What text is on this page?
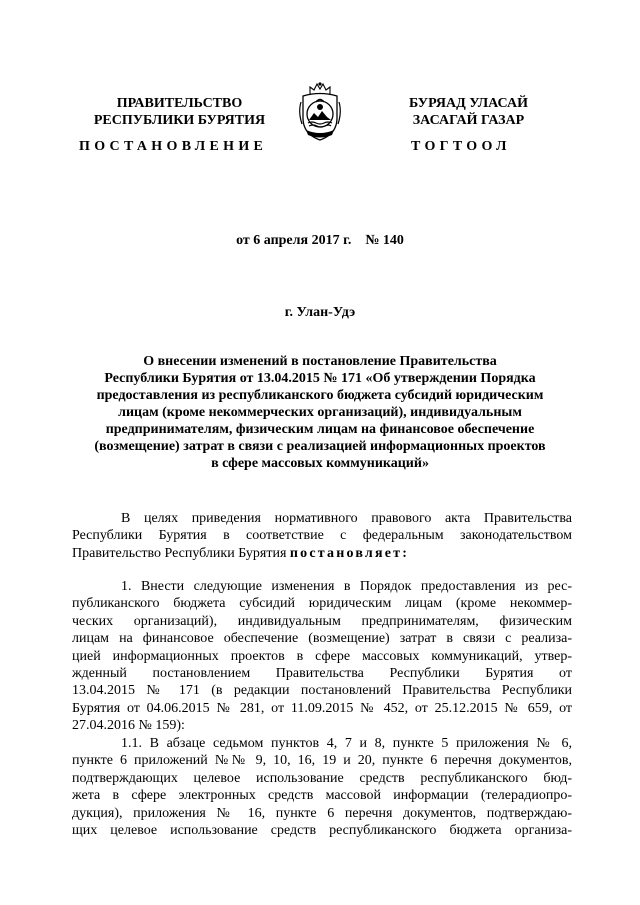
ПРАВИТЕЛЬСТВО
РЕСПУБЛИКИ БУРЯТИЯ
БУРЯАД УЛАСАЙ
ЗАСАГАЙ ГАЗАР
ПОСТАНОВЛЕНИЕ	ТОГТООЛ
от 6 апреля 2017 г.    № 140
г. Улан-Удэ
О внесении изменений в постановление Правительства
Республики Бурятия от 13.04.2015 № 171 «Об утверждении Порядка
предоставления из республиканского бюджета субсидий юридическим
лицам (кроме некоммерческих организаций), индивидуальным
предпринимателям, физическим лицам на финансовое обеспечение
(возмещение) затрат в связи с реализацией информационных проектов
в сфере массовых коммуникаций»
В целях приведения нормативного правового акта Правительства
Республики Бурятия в соответствие с федеральным законодательством
Правительство Республики Бурятия постановляет:
1. Внести следующие изменения в Порядок предоставления из рес-
публиканского бюджета субсидий юридическим лицам (кроме некоммер-
ческих организаций), индивидуальным предпринимателям, физическим
лицам на финансовое обеспечение (возмещение) затрат в связи с реализа-
цией информационных проектов в сфере массовых коммуникаций, утвер-
жденный постановлением Правительства Республики Бурятия от
13.04.2015 № 171 (в редакции постановлений Правительства Республики
Бурятия от 04.06.2015 № 281, от 11.09.2015 № 452, от 25.12.2015 № 659, от
27.04.2016 № 159):
1.1. В абзаце седьмом пунктов 4, 7 и 8, пункте 5 приложения № 6,
пункте 6 приложений №№ 9, 10, 16, 19 и 20, пункте 6 перечня документов,
подтверждающих целевое использование средств республиканского бюд-
жета в сфере электронных средств массовой информации (телерадиопро-
дукция), приложения № 16, пункте 6 перечня документов, подтверждаю-
щих целевое использование средств республиканского бюджета организа-
